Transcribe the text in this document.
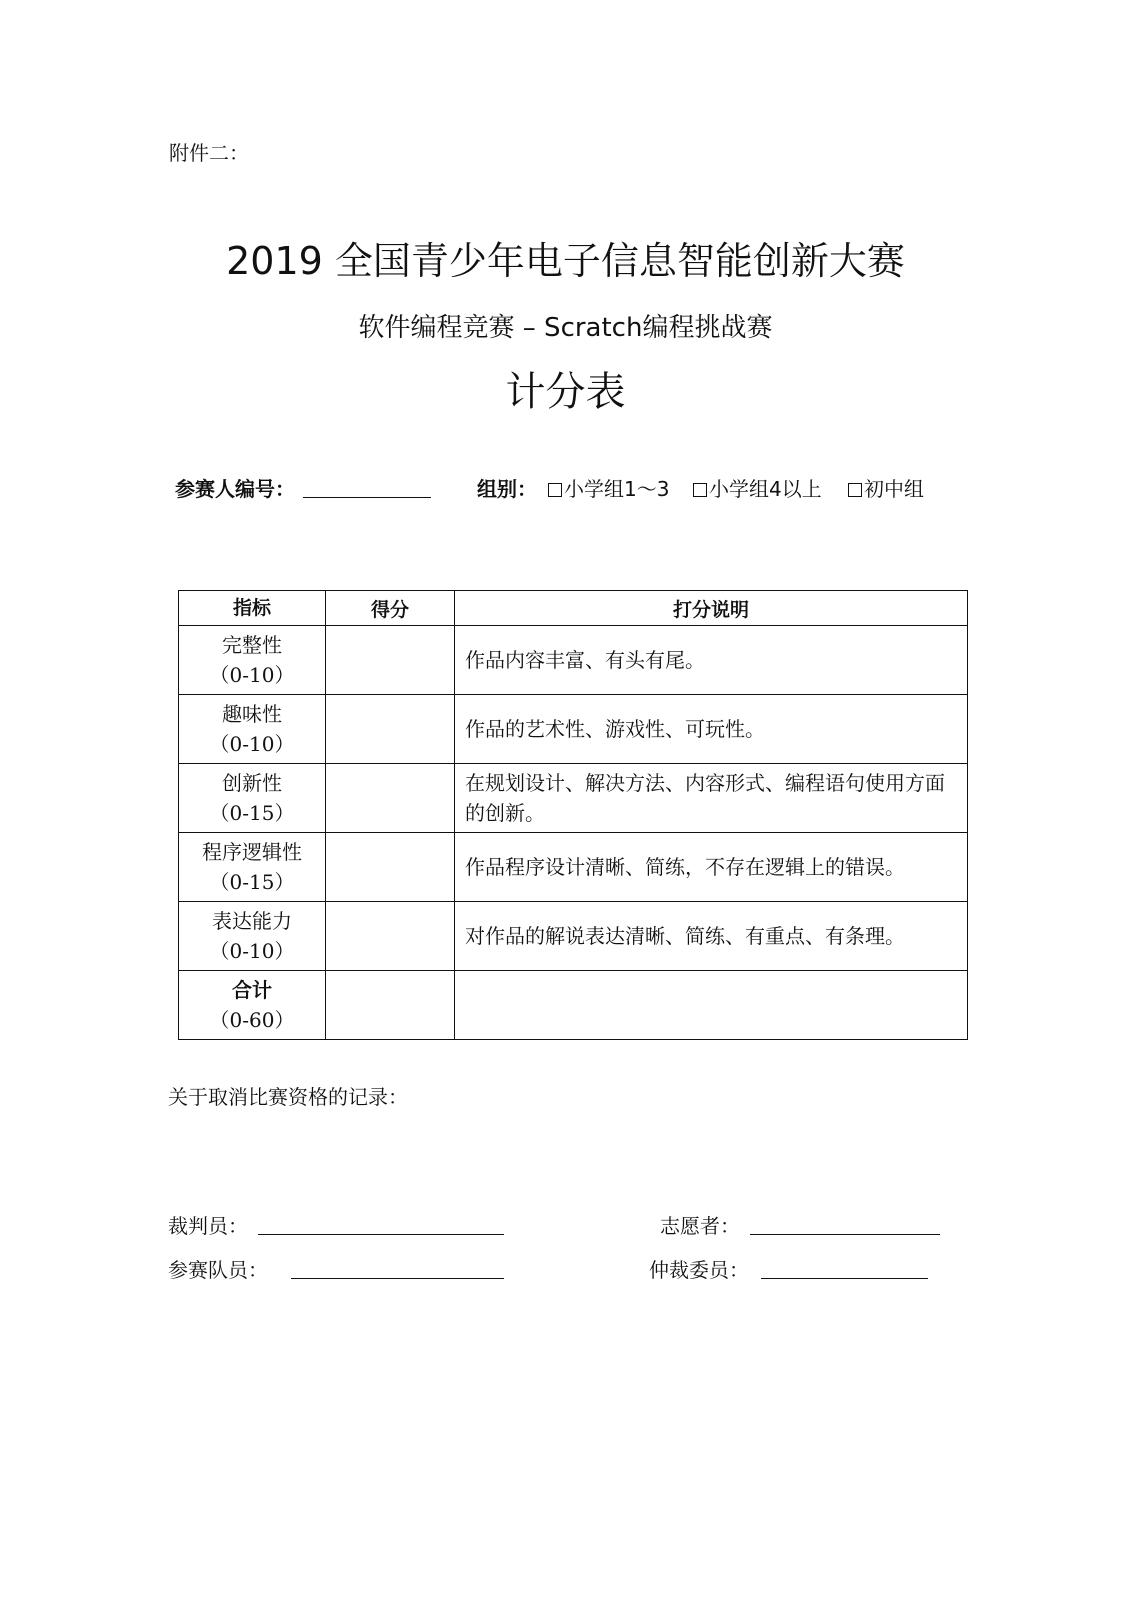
附件二：
2019 全国青少年电子信息智能创新大赛
软件编程竞赛 – Scratch编程挑战赛
计分表
参赛人编号：	组别：	小学组1～3	小学组4以上	初中组
指标	得分	打分说明

完整性
（0-10）		作品内容丰富、有头有尾。

趣味性
（0-10）		作品的艺术性、游戏性、可玩性。

创新性
（0-15）		在规划设计、解决方法、内容形式、编程语句使用方面的创新。

程序逻辑性
（0-15）		作品程序设计清晰、简练，不存在逻辑上的错误。

表达能力
（0-10）		对作品的解说表达清晰、简练、有重点、有条理。

合计
（0-60）		

关于取消比赛资格的记录：
裁判员：	志愿者：
参赛队员：	仲裁委员：
